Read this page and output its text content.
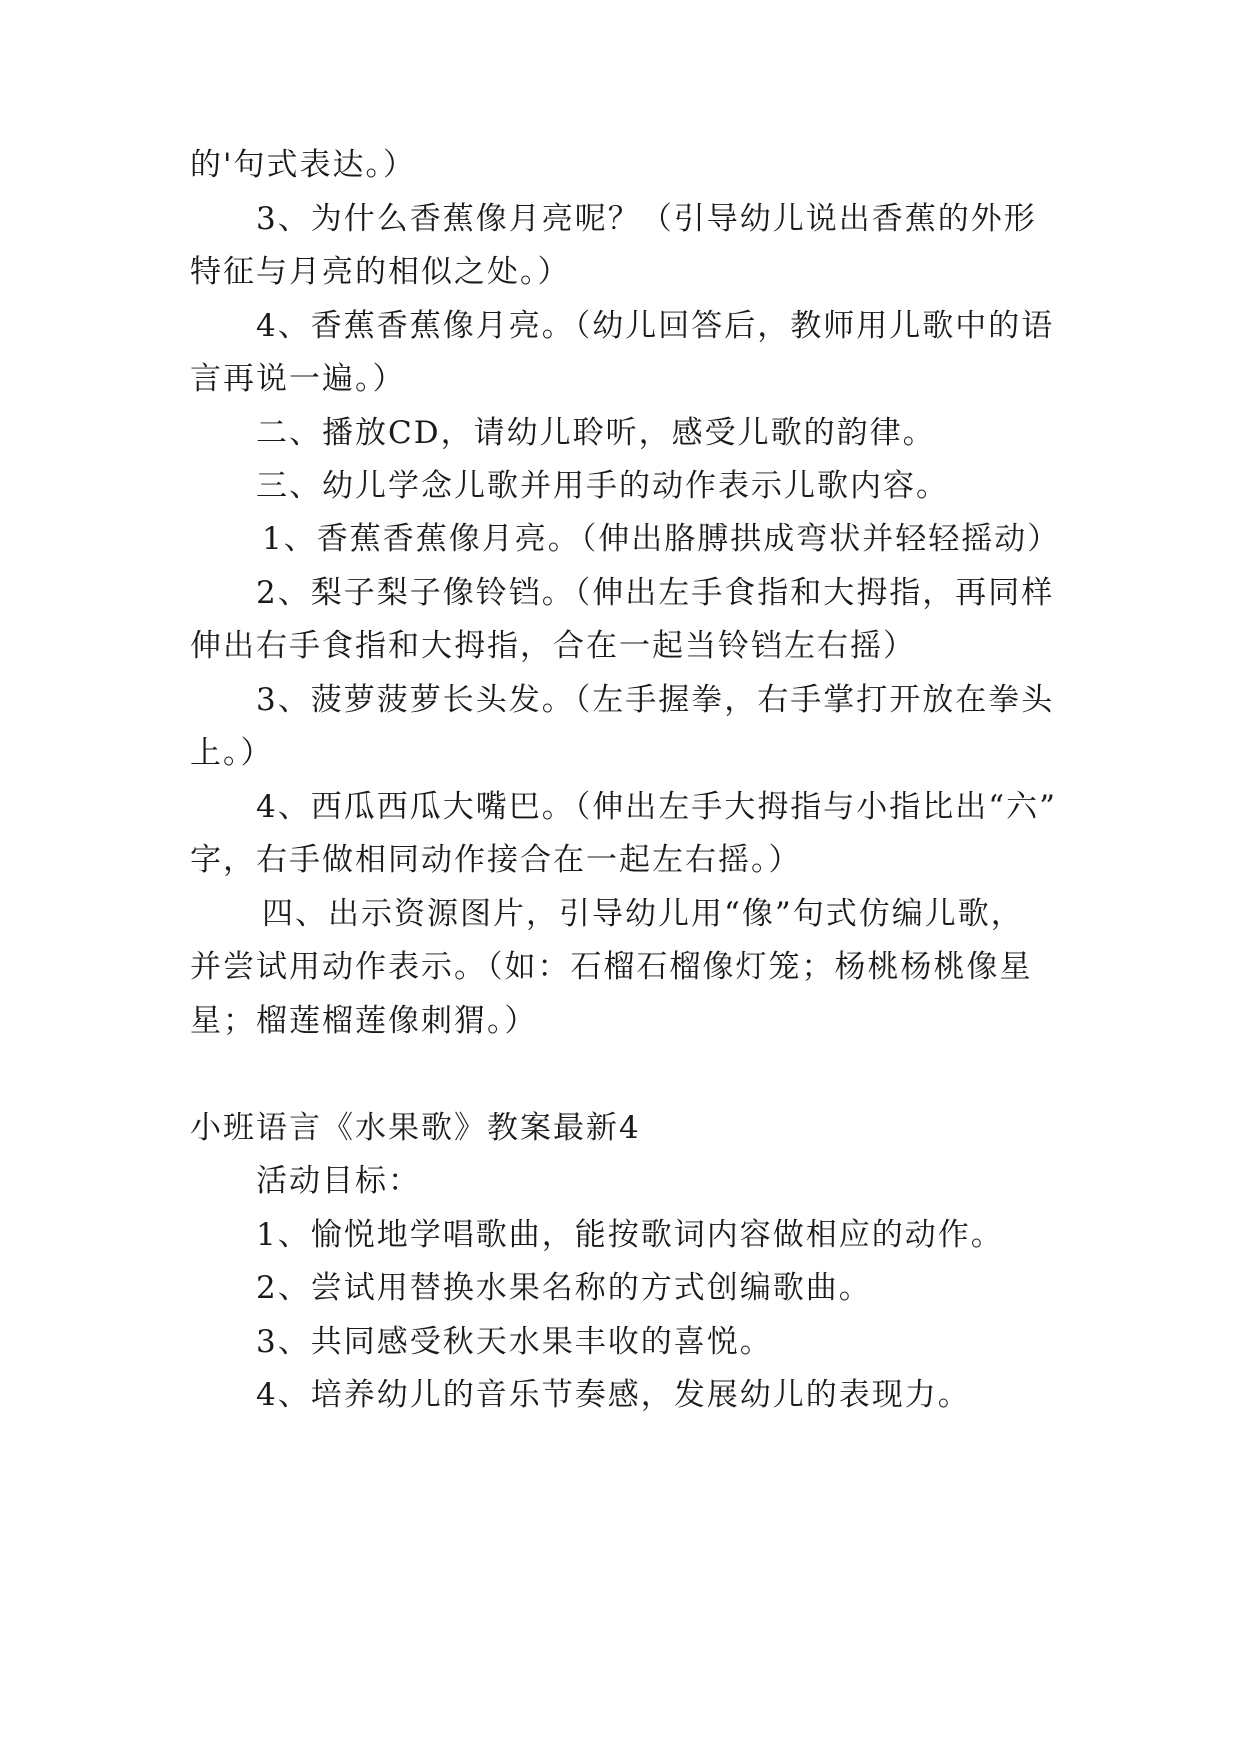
的'句式表达。）
3、为什么香蕉像月亮呢？（引导幼儿说出香蕉的外形
特征与月亮的相似之处。）
4、香蕉香蕉像月亮。（幼儿回答后，教师用儿歌中的语
言再说一遍。）
二、播放CD，请幼儿聆听，感受儿歌的韵律。
三、幼儿学念儿歌并用手的动作表示儿歌内容。
1、香蕉香蕉像月亮。（伸出胳膊拱成弯状并轻轻摇动）
2、梨子梨子像铃铛。（伸出左手食指和大拇指，再同样
伸出右手食指和大拇指，合在一起当铃铛左右摇）
3、菠萝菠萝长头发。（左手握拳，右手掌打开放在拳头
上。）
4、西瓜西瓜大嘴巴。（伸出左手大拇指与小指比出“六”
字，右手做相同动作接合在一起左右摇。）
四、出示资源图片，引导幼儿用“像”句式仿编儿歌，
并尝试用动作表示。（如：石榴石榴像灯笼；杨桃杨桃像星
星；榴莲榴莲像刺猬。）
小班语言《水果歌》教案最新4
活动目标：
1、愉悦地学唱歌曲，能按歌词内容做相应的动作。
2、尝试用替换水果名称的方式创编歌曲。
3、共同感受秋天水果丰收的喜悦。
4、培养幼儿的音乐节奏感，发展幼儿的表现力。
